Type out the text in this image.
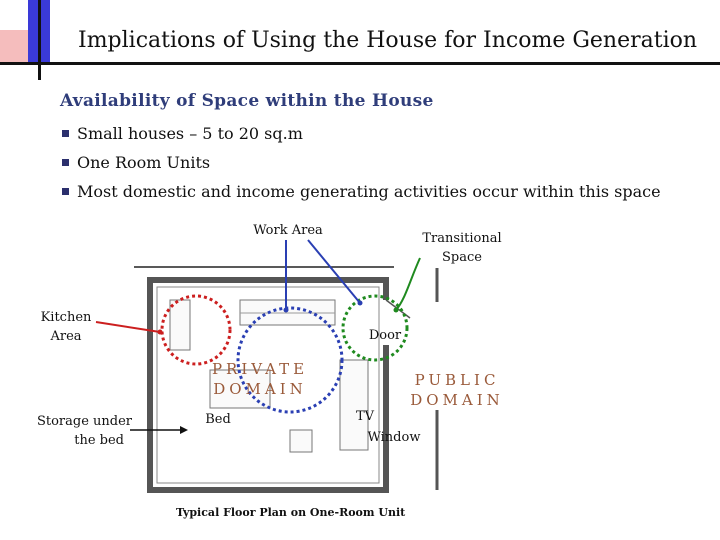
Implications of Using the House for Income Generation
Availability of Space within the House
Small houses – 5 to 20 sq.m
One Room Units
Most domestic and income generating activities occur within this space
Work Area
Transitional
Space
Kitchen
Area	Door
PRIVATE
DOMAIN	PUBLIC
DOMAIN
Storage under
the bed
Bed	TV
Window
Typical Floor Plan on One-Room Unit
